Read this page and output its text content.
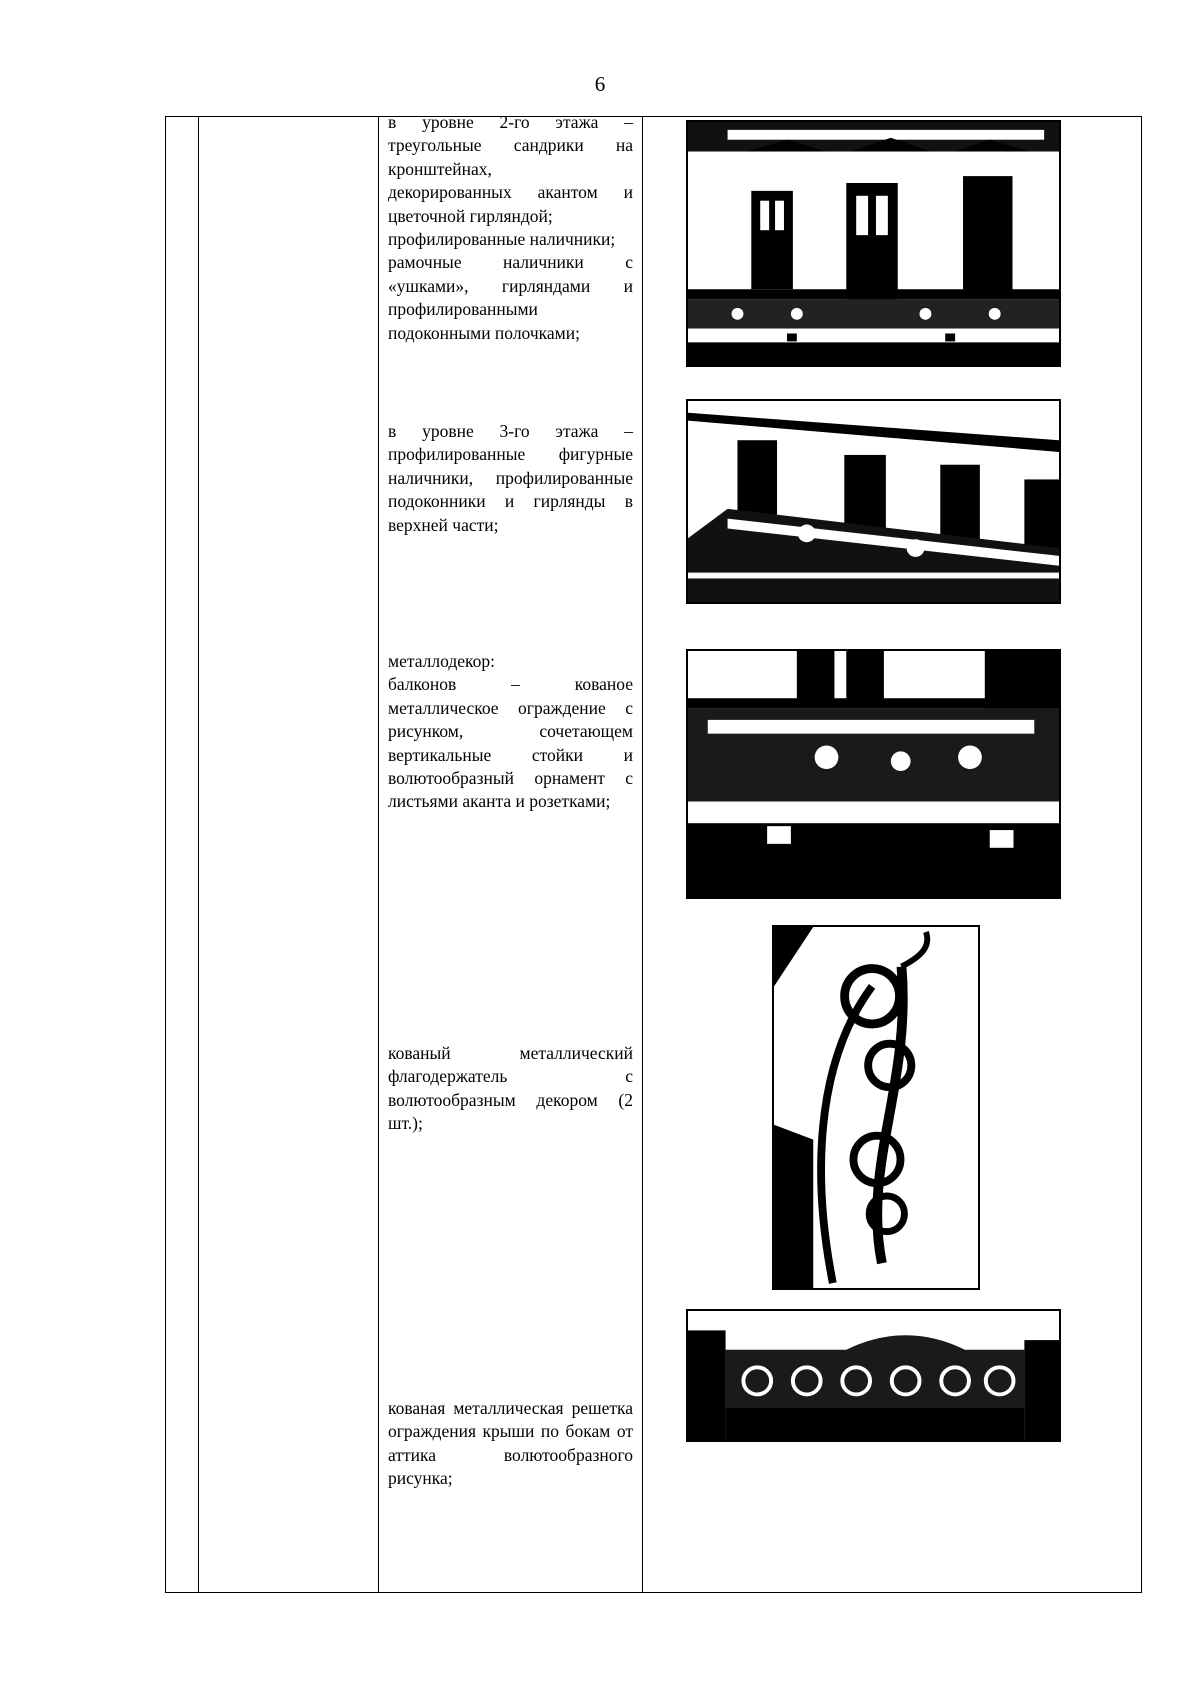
6

в уровне 2-го этажа – треугольные сандрики на кронштейнах,

декорированных акантом и цветочной гирляндой;

профилированные наличники;

рамочные наличники с «ушками», гирляндами и профилированными подоконными полочками;

в уровне 3-го этажа – профилированные фигурные наличники, профилированные подоконники и гирлянды в верхней части;

металлодекор:

балконов – кованое металлическое ограждение с рисунком, сочетающем вертикальные стойки и волютообразный орнамент с листьями аканта и розетками;

кованый металлический флагодержатель с волютообразным декором (2 шт.);

кованая металлическая решетка ограждения крыши по бокам от аттика волютообразного рисунка;
